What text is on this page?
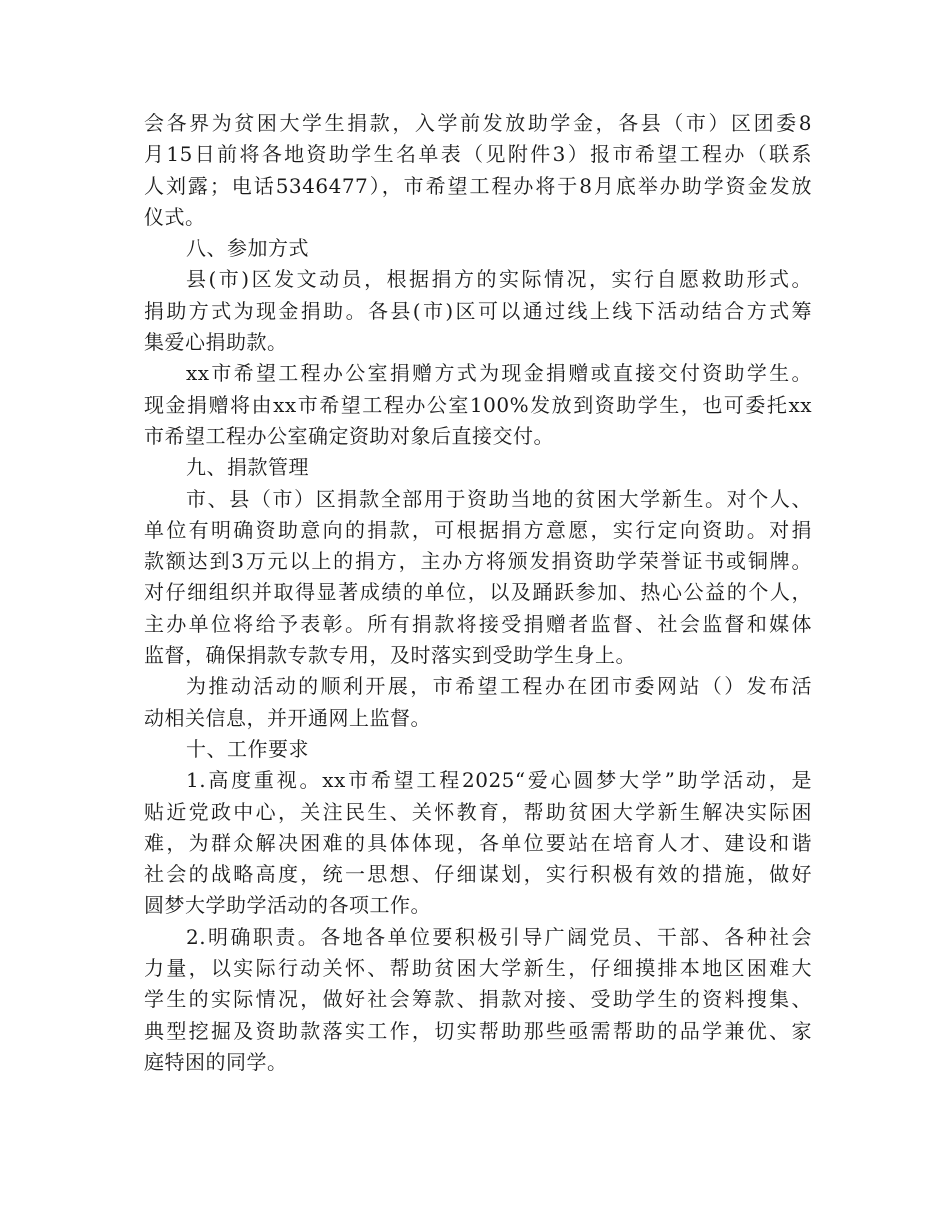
会各界为贫困大学生捐款，入学前发放助学金，各县（市）区团委8
月15日前将各地资助学生名单表（见附件3）报市希望工程办（联系
人刘露；电话5346477），市希望工程办将于8月底举办助学资金发放
仪式。
八、参加方式
县(市)区发文动员，根据捐方的实际情况，实行自愿救助形式。
捐助方式为现金捐助。各县(市)区可以通过线上线下活动结合方式筹
集爱心捐助款。
xx市希望工程办公室捐赠方式为现金捐赠或直接交付资助学生。
现金捐赠将由xx市希望工程办公室100%发放到资助学生，也可委托xx
市希望工程办公室确定资助对象后直接交付。
九、捐款管理
市、县（市）区捐款全部用于资助当地的贫困大学新生。对个人、
单位有明确资助意向的捐款，可根据捐方意愿，实行定向资助。对捐
款额达到3万元以上的捐方，主办方将颁发捐资助学荣誉证书或铜牌。
对仔细组织并取得显著成绩的单位，以及踊跃参加、热心公益的个人，
主办单位将给予表彰。所有捐款将接受捐赠者监督、社会监督和媒体
监督，确保捐款专款专用，及时落实到受助学生身上。
为推动活动的顺利开展，市希望工程办在团市委网站（）发布活
动相关信息，并开通网上监督。
十、工作要求
1.高度重视。xx市希望工程2025“爱心圆梦大学”助学活动，是
贴近党政中心，关注民生、关怀教育，帮助贫困大学新生解决实际困
难，为群众解决困难的具体体现，各单位要站在培育人才、建设和谐
社会的战略高度，统一思想、仔细谋划，实行积极有效的措施，做好
圆梦大学助学活动的各项工作。
2.明确职责。各地各单位要积极引导广阔党员、干部、各种社会
力量，以实际行动关怀、帮助贫困大学新生，仔细摸排本地区困难大
学生的实际情况，做好社会筹款、捐款对接、受助学生的资料搜集、
典型挖掘及资助款落实工作，切实帮助那些亟需帮助的品学兼优、家
庭特困的同学。
